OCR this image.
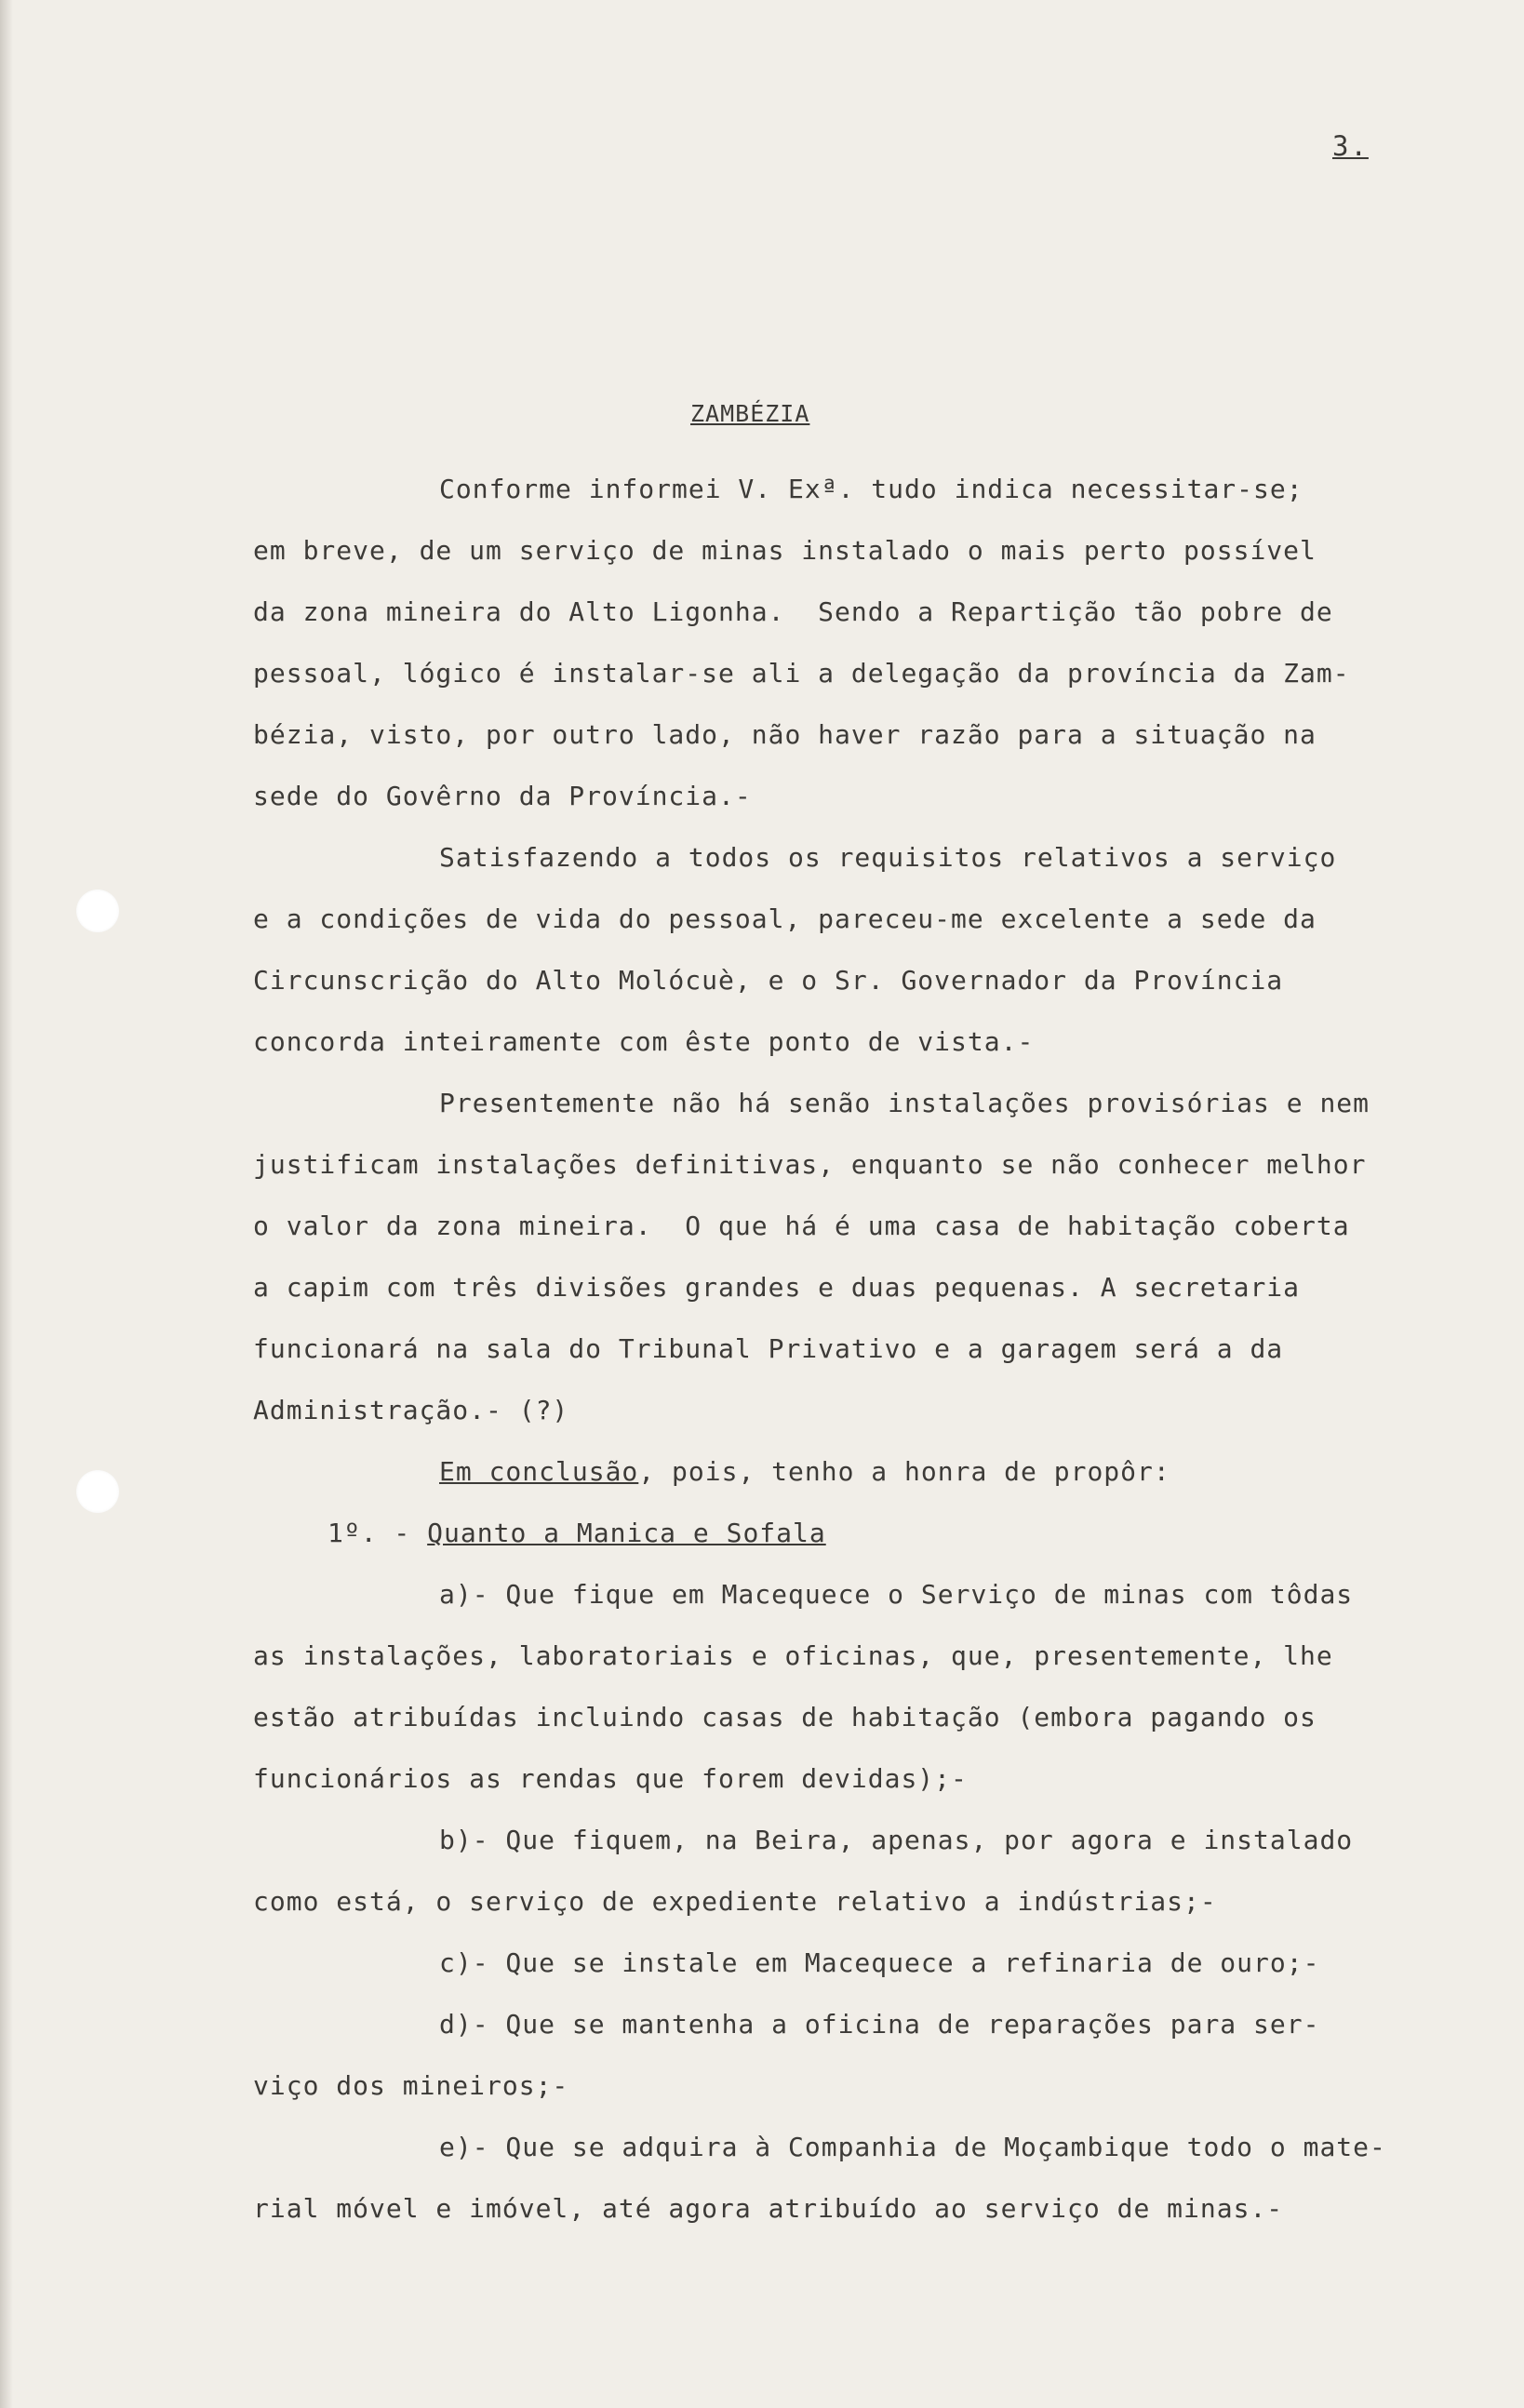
3.
ZAMBÉZIA
Conforme informei V. Exª. tudo indica necessitar-se;
em breve, de um serviço de minas instalado o mais perto possível
da zona mineira do Alto Ligonha.  Sendo a Repartição tão pobre de
pessoal, lógico é instalar-se ali a delegação da província da Zam-
bézia, visto, por outro lado, não haver razão para a situação na
sede do Govêrno da Província.-
Satisfazendo a todos os requisitos relativos a serviço
e a condições de vida do pessoal, pareceu-me excelente a sede da
Circunscrição do Alto Molócuè, e o Sr. Governador da Província
concorda inteiramente com êste ponto de vista.-
Presentemente não há senão instalações provisórias e nem
justificam instalações definitivas, enquanto se não conhecer melhor
o valor da zona mineira.  O que há é uma casa de habitação coberta
a capim com três divisões grandes e duas pequenas. A secretaria
funcionará na sala do Tribunal Privativo e a garagem será a da
Administração.- (?)
Em conclusão, pois, tenho a honra de propôr:
1º. - Quanto a Manica e Sofala
a)- Que fique em Macequece o Serviço de minas com tôdas
as instalações, laboratoriais e oficinas, que, presentemente, lhe
estão atribuídas incluindo casas de habitação (embora pagando os
funcionários as rendas que forem devidas);-
b)- Que fiquem, na Beira, apenas, por agora e instalado
como está, o serviço de expediente relativo a indústrias;-
c)- Que se instale em Macequece a refinaria de ouro;-
d)- Que se mantenha a oficina de reparações para ser-
viço dos mineiros;-
e)- Que se adquira à Companhia de Moçambique todo o mate-
rial móvel e imóvel, até agora atribuído ao serviço de minas.-
